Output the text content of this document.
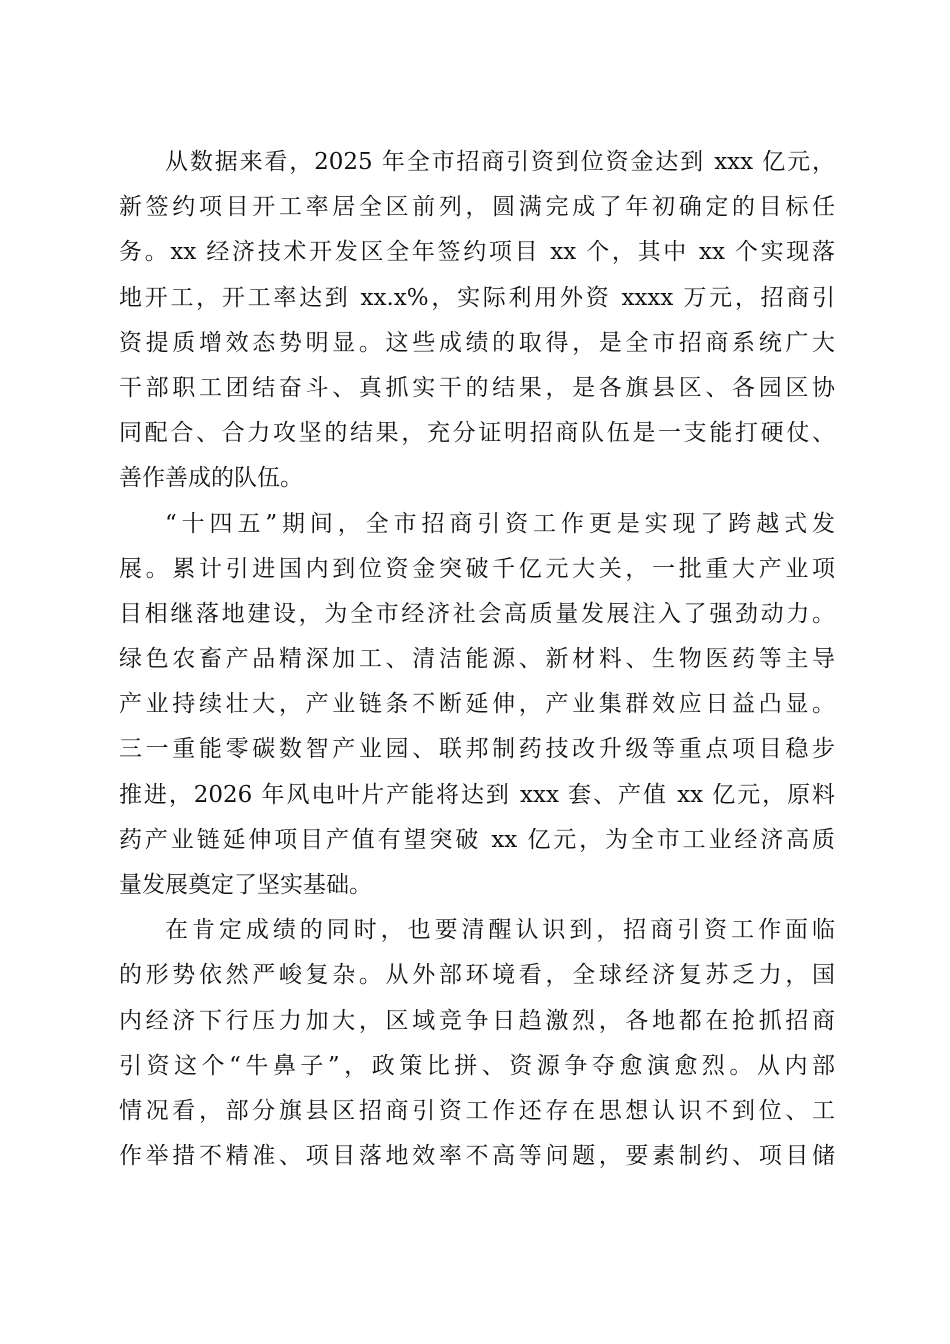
从数据来看，2025 年全市招商引资到位资金达到 xxx 亿元，
新签约项目开工率居全区前列，圆满完成了年初确定的目标任
务。xx 经济技术开发区全年签约项目 xx 个，其中 xx 个实现落
地开工，开工率达到 xx.x%，实际利用外资 xxxx 万元，招商引
资提质增效态势明显。这些成绩的取得，是全市招商系统广大
干部职工团结奋斗、真抓实干的结果，是各旗县区、各园区协
同配合、合力攻坚的结果，充分证明招商队伍是一支能打硬仗、
善作善成的队伍。
“十四五”期间，全市招商引资工作更是实现了跨越式发
展。累计引进国内到位资金突破千亿元大关，一批重大产业项
目相继落地建设，为全市经济社会高质量发展注入了强劲动力。
绿色农畜产品精深加工、清洁能源、新材料、生物医药等主导
产业持续壮大，产业链条不断延伸，产业集群效应日益凸显。
三一重能零碳数智产业园、联邦制药技改升级等重点项目稳步
推进，2026 年风电叶片产能将达到 xxx 套、产值 xx 亿元，原料
药产业链延伸项目产值有望突破 xx 亿元，为全市工业经济高质
量发展奠定了坚实基础。
在肯定成绩的同时，也要清醒认识到，招商引资工作面临
的形势依然严峻复杂。从外部环境看，全球经济复苏乏力，国
内经济下行压力加大，区域竞争日趋激烈，各地都在抢抓招商
引资这个“牛鼻子”，政策比拼、资源争夺愈演愈烈。从内部
情况看，部分旗县区招商引资工作还存在思想认识不到位、工
作举措不精准、项目落地效率不高等问题，要素制约、项目储
